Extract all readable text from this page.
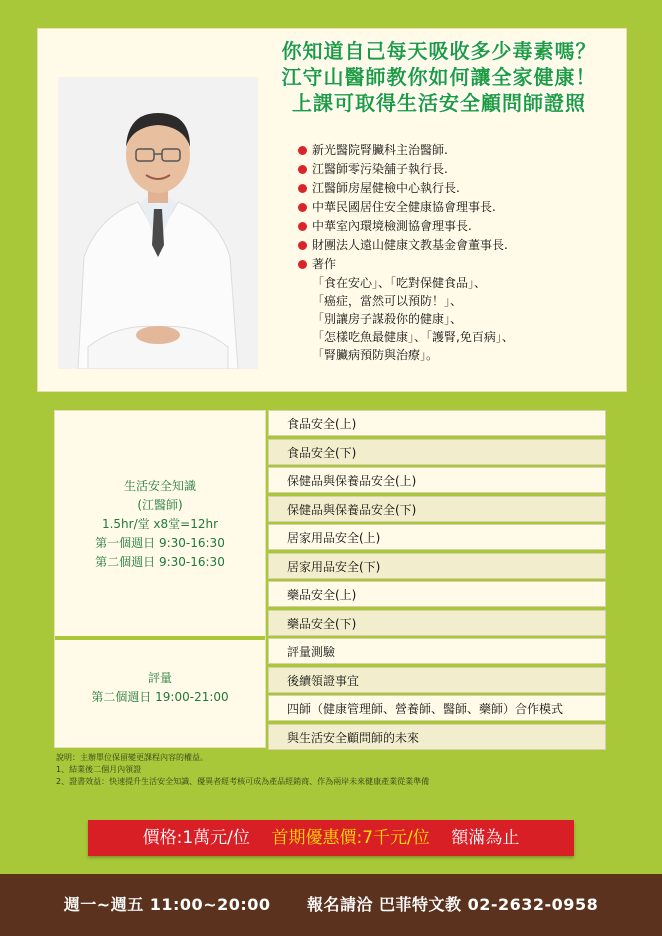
你知道自己每天吸收多少毒素嗎？
江守山醫師教你如何讓全家健康！
上課可取得生活安全顧問師證照
新光醫院腎臟科主治醫師.
江醫師零污染舖子執行長.
江醫師房屋健檢中心執行長.
中華民國居住安全健康協會理事長.
中華室內環境檢測協會理事長.
財團法人遠山健康文教基金會董事長.
著作
「食在安心」、「吃對保健食品」、
「癌症，當然可以預防！」、
「別讓房子謀殺你的健康」、
「怎樣吃魚最健康」、「護腎,免百病」、
「腎臟病預防與治療」。
生活安全知識
(江醫師)
1.5hr/堂 x8堂=12hr
第一個週日 9:30-16:30
第二個週日 9:30-16:30
評量
第二個週日 19:00-21:00
食品安全(上)
食品安全(下)
保健品與保養品安全(上)
保健品與保養品安全(下)
居家用品安全(上)
居家用品安全(下)
藥品安全(上)
藥品安全(下)
評量測驗
後續領證事宜
四師（健康管理師、營養師、醫師、藥師）合作模式
與生活安全顧問師的未來
說明：主辦單位保留變更課程內容的權益。
1、結業後二個月內領證
2、證書效益：快速提升生活安全知識、優異者經考核可成為產品經銷商、作為兩岸未來健康產業從業準備
價格:1萬元/位 首期優惠價:7千元/位 額滿為止
週一~週五 11:00~20:00 報名請洽 巴菲特文教 02-2632-0958
